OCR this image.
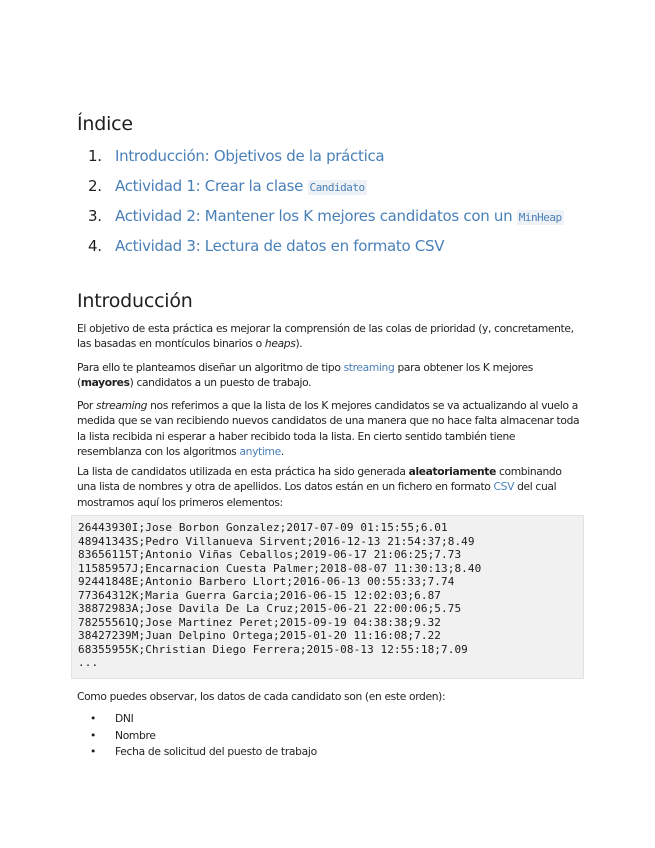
Índice
1. Introducción: Objetivos de la práctica
2. Actividad 1: Crear la clase Candidato
3. Actividad 2: Mantener los K mejores candidatos con un MinHeap
4. Actividad 3: Lectura de datos en formato CSV
Introducción

El objetivo de esta práctica es mejorar la comprensión de las colas de prioridad (y, concretamente, las basadas en montículos binarios o heaps).

Para ello te planteamos diseñar un algoritmo de tipo streaming para obtener los K mejores (mayores) candidatos a un puesto de trabajo.

Por streaming nos referimos a que la lista de los K mejores candidatos se va actualizando al vuelo a medida que se van recibiendo nuevos candidatos de una manera que no hace falta almacenar toda la lista recibida ni esperar a haber recibido toda la lista. En cierto sentido también tiene resemblanza con los algoritmos anytime.

La lista de candidatos utilizada en esta práctica ha sido generada aleatoriamente combinando una lista de nombres y otra de apellidos. Los datos están en un fichero en formato CSV del cual mostramos aquí los primeros elementos:

26443930I;Jose Borbon Gonzalez;2017-07-09 01:15:55;6.01
48941343S;Pedro Villanueva Sirvent;2016-12-13 21:54:37;8.49
83656115T;Antonio Viñas Ceballos;2019-06-17 21:06:25;7.73
11585957J;Encarnacion Cuesta Palmer;2018-08-07 11:30:13;8.40
92441848E;Antonio Barbero Llort;2016-06-13 00:55:33;7.74
77364312K;Maria Guerra Garcia;2016-06-15 12:02:03;6.87
38872983A;Jose Davila De La Cruz;2015-06-21 22:00:06;5.75
78255561Q;Jose Martinez Peret;2015-09-19 04:38:38;9.32
38427239M;Juan Delpino Ortega;2015-01-20 11:16:08;7.22
68355955K;Christian Diego Ferrera;2015-08-13 12:55:18;7.09
...

Como puedes observar, los datos de cada candidato son (en este orden):

• DNI
• Nombre
• Fecha de solicitud del puesto de trabajo
